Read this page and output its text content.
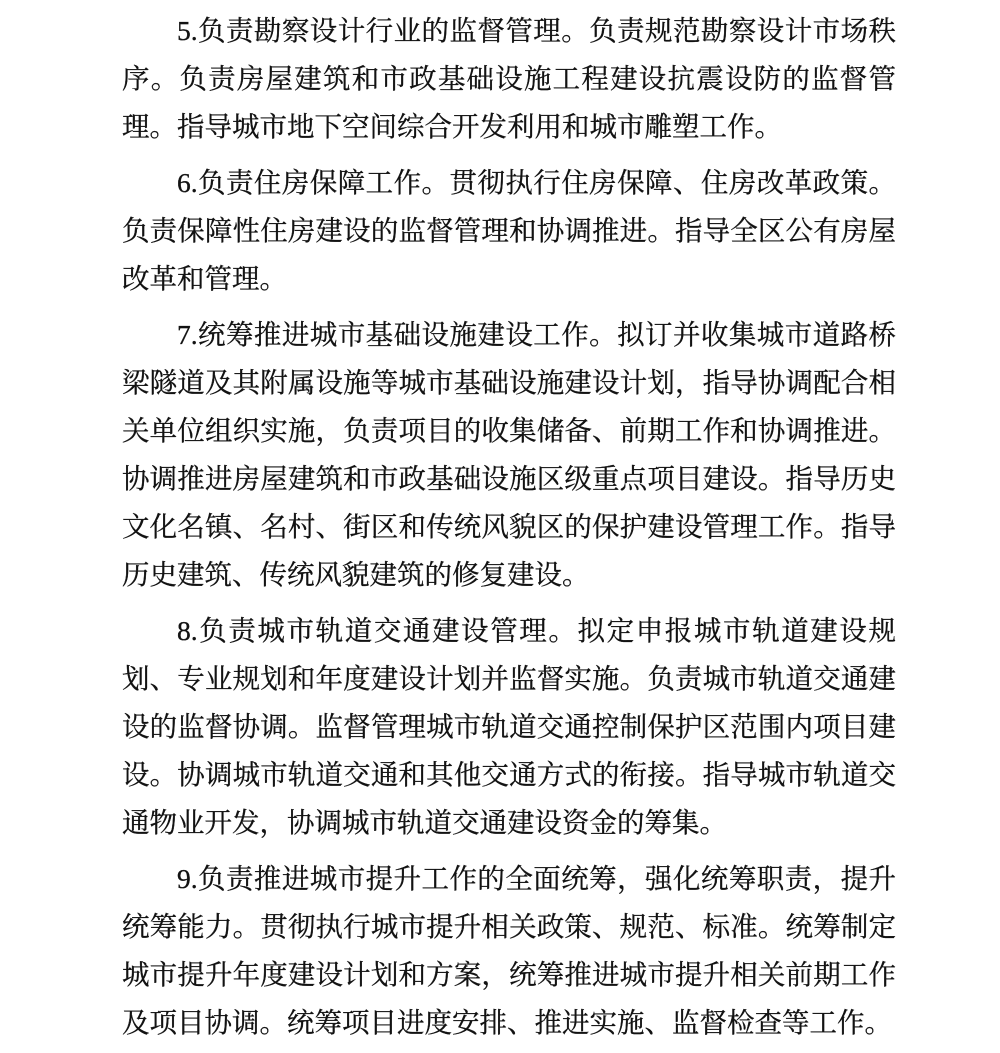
5.负责勘察设计行业的监督管理。负责规范勘察设计市场秩序。负责房屋建筑和市政基础设施工程建设抗震设防的监督管理。指导城市地下空间综合开发利用和城市雕塑工作。

6.负责住房保障工作。贯彻执行住房保障、住房改革政策。负责保障性住房建设的监督管理和协调推进。指导全区公有房屋改革和管理。

7.统筹推进城市基础设施建设工作。拟订并收集城市道路桥梁隧道及其附属设施等城市基础设施建设计划，指导协调配合相关单位组织实施，负责项目的收集储备、前期工作和协调推进。协调推进房屋建筑和市政基础设施区级重点项目建设。指导历史文化名镇、名村、街区和传统风貌区的保护建设管理工作。指导历史建筑、传统风貌建筑的修复建设。

8.负责城市轨道交通建设管理。拟定申报城市轨道建设规划、专业规划和年度建设计划并监督实施。负责城市轨道交通建设的监督协调。监督管理城市轨道交通控制保护区范围内项目建设。协调城市轨道交通和其他交通方式的衔接。指导城市轨道交通物业开发，协调城市轨道交通建设资金的筹集。

9.负责推进城市提升工作的全面统筹，强化统筹职责，提升统筹能力。贯彻执行城市提升相关政策、规范、标准。统筹制定城市提升年度建设计划和方案，统筹推进城市提升相关前期工作及项目协调。统筹项目进度安排、推进实施、监督检查等工作。
